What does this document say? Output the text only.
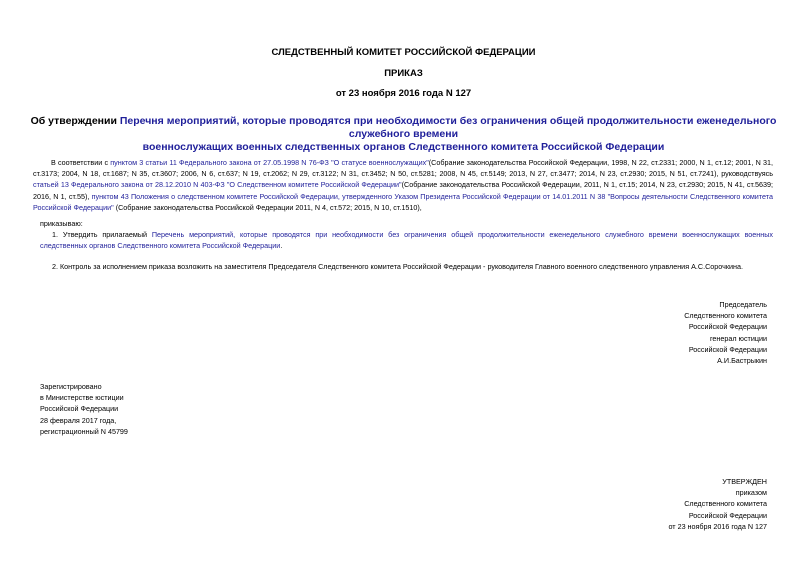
СЛЕДСТВЕННЫЙ КОМИТЕТ РОССИЙСКОЙ ФЕДЕРАЦИИ
ПРИКАЗ
от 23 ноября 2016 года N 127
Об утверждении Перечня мероприятий, которые проводятся при необходимости без ограничения общей продолжительности еженедельного служебного времени
военнослужащих военных следственных органов Следственного комитета Российской Федерации
В соответствии с пунктом 3 статьи 11 Федерального закона от 27.05.1998 N 76-ФЗ "О статусе военнослужащих"(Собрание законодательства Российской Федерации, 1998, N 22, ст.2331; 2000, N 1, ст.12; 2001, N 31, ст.3173; 2004, N 18, ст.1687; N 35, ст.3607; 2006, N 6, ст.637; N 19, ст.2062; N 29, ст.3122; N 31, ст.3452; N 50, ст.5281; 2008, N 45, ст.5149; 2013, N 27, ст.3477; 2014, N 23, ст.2930; 2015, N 51, ст.7241), руководствуясь статьей 13 Федерального закона от 28.12.2010 N 403-ФЗ "О Следственном комитете Российской Федерации"(Собрание законодательства Российской Федерации, 2011, N 1, ст.15; 2014, N 23, ст.2930; 2015, N 41, ст.5639; 2016, N 1, ст.55), пунктом 43 Положения о следственном комитете Российской Федерации, утвержденного Указом Президента Российской Федерации от 14.01.2011 N 38 "Вопросы деятельности Следственного комитета Российской Федерации" (Собрание законодательства Российской Федерации 2011, N 4, ст.572; 2015, N 10, ст.1510),
приказываю:
1. Утвердить прилагаемый Перечень мероприятий, которые проводятся при необходимости без ограничения общей продолжительности еженедельного служебного времени военнослужащих военных следственных органов Следственного комитета Российской Федерации.
2. Контроль за исполнением приказа возложить на заместителя Председателя Следственного комитета Российской Федерации - руководителя Главного военного следственного управления А.С.Сорочкина.
Председатель
Следственного комитета
Российской Федерации
генерал юстиции
Российской Федерации
А.И.Бастрыкин
Зарегистрировано
в Министерстве юстиции
Российской Федерации
28 февраля 2017 года,
регистрационный N 45799
УТВЕРЖДЕН
приказом
Следственного комитета
Российской Федерации
от 23 ноября 2016 года N 127
